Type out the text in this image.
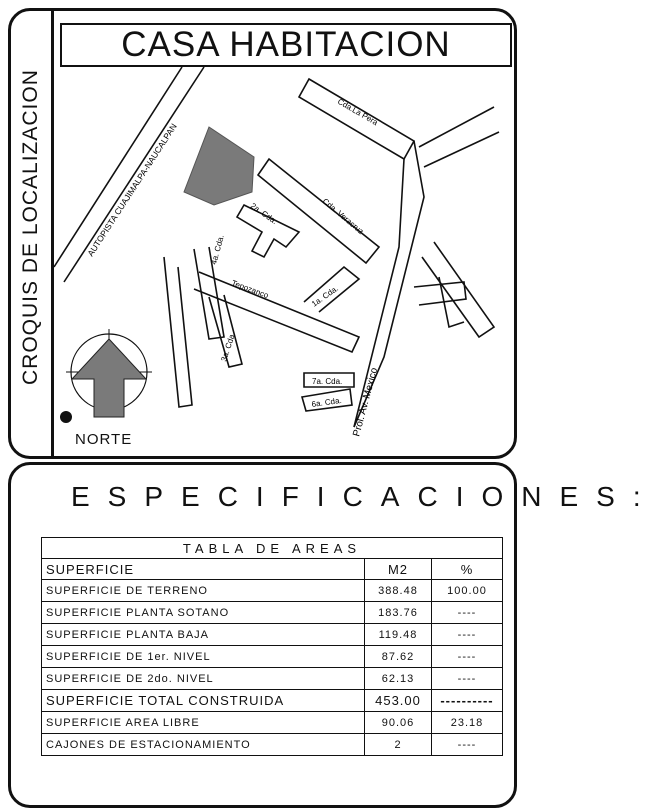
CROQUIS DE LOCALIZACION
CASA HABITACION
AUTOPISTA CUAJIMALPA-NAUCALPAN
Cda.La Pera
Cda. Veracruz
2a. Cda.
4a. Cda.
Tepozanco	1a. Cda.
3a. Cda.
Prol. Av. Mexico
7a. Cda.
6a. Cda.
NORTE
ESPECIFICACIONES:
TABLA DE AREAS		
SUPERFICIE	M2	%
SUPERFICIE DE TERRENO	388.48	100.00
SUPERFICIE PLANTA SOTANO	183.76	----
SUPERFICIE PLANTA BAJA	119.48	----
SUPERFICIE DE 1er. NIVEL	87.62	----
SUPERFICIE DE 2do. NIVEL	62.13	----
SUPERFICIE TOTAL CONSTRUIDA	453.00	----------
SUPERFICIE AREA LIBRE	90.06	23.18
CAJONES DE ESTACIONAMIENTO	2	----
